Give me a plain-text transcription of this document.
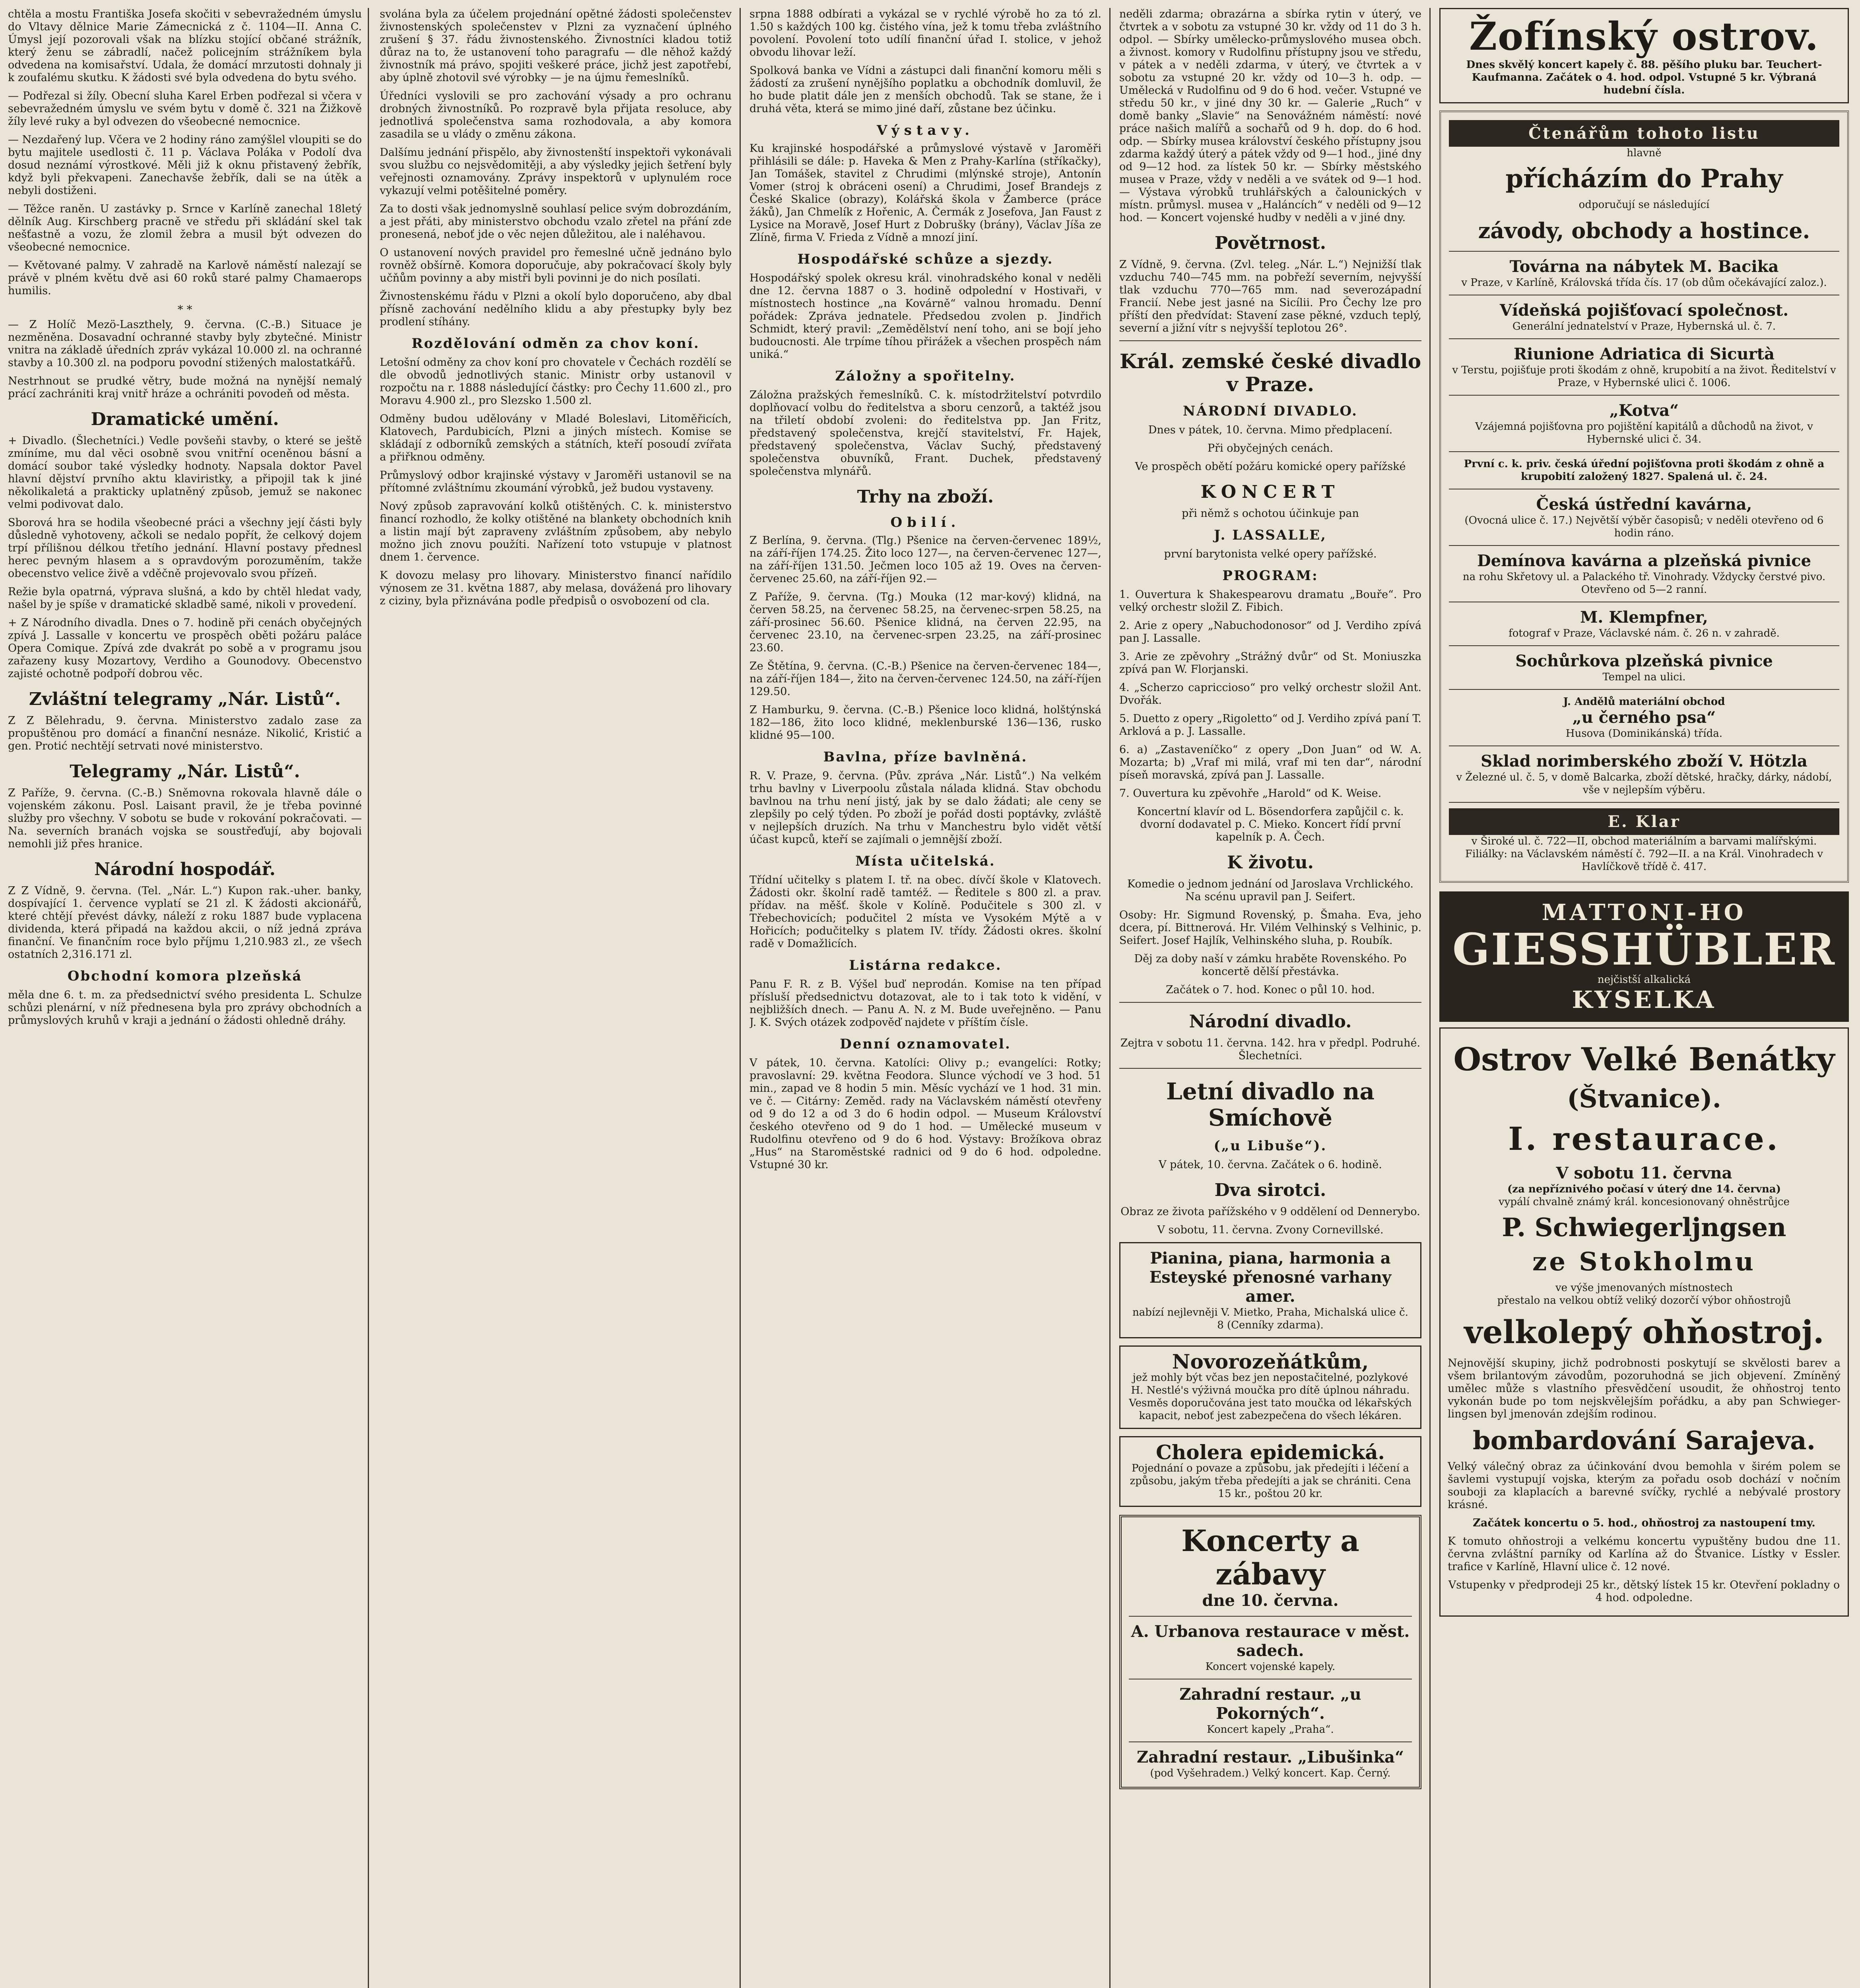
chtěla a mostu Františka Josefa skočiti v sebevražedném úmyslu do Vltavy dělnice Marie Zámecnická z č. 1104—II. Anna C. Úmysl její pozorovali však na blízku stojící občané strážník, který ženu se zábradlí, načež policejním strážníkem byla odvedena na komisařství. Udala, že domácí mrzutosti dohnaly ji k zoufalému skutku. K žádosti své byla odvedena do bytu svého.

— Podřezal si žíly. Obecní sluha Karel Erben podřezal si včera v sebevražedném úmyslu ve svém bytu v domě č. 321 na Žižkově žíly levé ruky a byl odvezen do všeobecné nemocnice.

— Nezdařený lup. Včera ve 2 hodiny ráno zamýšlel vloupiti se do bytu majitele usedlosti č. 11 p. Václava Poláka v Podolí dva dosud neznámí výrostkové. Měli již k oknu přistavený žebřík, když byli překvapeni. Zanechavše žebřík, dali se na útěk a nebyli dostiženi.

— Těžce raněn. U zastávky p. Srnce v Karlíně zanechal 18letý dělník Aug. Kirschberg pracně ve středu při skládání skel tak nešťastně a vozu, že zlomil žebra a musil být odvezen do všeobecné nemocnice.

— Květované palmy. V zahradě na Karlově náměstí nalezají se právě v plném květu dvě asi 60 roků staré palmy Chamaerops humilis.

* *

— Z Holíč Mezö-Laszthely, 9. června. (C.-B.) Situace je nezměněna. Dosavadní ochranné stavby byly zbytečné. Ministr vnitra na základě úředních zpráv vykázal 10.000 zl. na ochranné stavby a 10.300 zl. na podporu povodní stižených malostatkářů.

Nestrhnout se prudké větry, bude možná na nynější nemalý prácí zachrániti kraj vnitř hráze a ochrániti povodeň od města.

Dramatické umění.

+ Divadlo. (Šlechetníci.) Vedle povšeňi stavby, o které se ještě zmíníme, mu dal věci osobně svou vnitřní oceněnou básní a domácí soubor také výsledky hodnoty. Napsala doktor Pavel hlavní dějství prvního aktu klaviristky, a připojil tak k jiné několikaletá a prakticky uplatněný způsob, jemuž se nakonec velmi podivovat dalo.

Sborová hra se hodila všeobecné práci a všechny její části byly důsledně vyhotoveny, ačkoli se nedalo popřít, že celkový dojem trpí přílišnou délkou třetího jednání. Hlavní postavy přednesl herec pevným hlasem a s opravdovým porozuměním, takže obecenstvo velice živě a vděčně projevovalo svou přízeň.

Režie byla opatrná, výprava slušná, a kdo by chtěl hledat vady, našel by je spíše v dramatické skladbě samé, nikoli v provedení.

+ Z Národního divadla. Dnes o 7. hodině při cenách obyčejných zpívá J. Lassalle v koncertu ve prospěch oběti požáru paláce Opera Comique. Zpívá zde dvakrát po sobě a v programu jsou zařazeny kusy Mozartovy, Verdiho a Gounodovy. Obecenstvo zajisté ochotně podpoří dobrou věc.

Zvláštní telegramy „Nár. Listů“.

Z Z Bělehradu, 9. června. Ministerstvo zadalo zase za propuštěnou pro domácí a finanční nesnáze. Nikolić, Kristić a gen. Protić nechtějí setrvati nové ministerstvo.

Telegramy „Nár. Listů“.

Z Paříže, 9. června. (C.-B.) Sněmovna rokovala hlavně dále o vojenském zákonu. Posl. Laisant pravil, že je třeba povinné služby pro všechny. V sobotu se bude v rokování pokračovati. — Na. severních branách vojska se soustřeďují, aby bojovali nemohli již přes hranice.

Národní hospodář.

Z Z Vídně, 9. června. (Tel. „Nár. L.“) Kupon rak.-uher. banky, dospívající 1. července vyplatí se 21 zl. K žádosti akcionářů, které chtějí převést dávky, náleží z roku 1887 bude vyplacena dividenda, která připadá na každou akcii, o níž jedná zpráva finanční. Ve finančním roce bylo příjmu 1,210.983 zl., ze všech ostatních 2,316.171 zl.

Obchodní komora plzeňská

měla dne 6. t. m. za předsednictví svého presidenta L. Schulze schůzi plenární, v níž přednesena byla pro zprávy obchodních a průmyslových kruhů v kraji a jednání o žádosti ohledně dráhy.

svolána byla za účelem projednání opětné žádosti společenstev živnostenských společenstev v Plzni za vyznačení úplného zrušení § 37. řádu živnostenského. Živnostníci kladou totiž důraz na to, že ustanovení toho paragrafu — dle něhož každý živnostník má právo, spojiti veškeré práce, jichž jest zapotřebí, aby úplně zhotovil své výrobky — je na újmu řemeslníků.

Úředníci vyslovili se pro zachování výsady a pro ochranu drobných živnostníků. Po rozpravě byla přijata resoluce, aby jednotlivá společenstva sama rozhodovala, a aby komora zasadila se u vlády o změnu zákona.

Dalšímu jednání přispělo, aby živnostenští inspektoři vykonávali svou službu co nejsvědomitěji, a aby výsledky jejich šetření byly veřejnosti oznamovány. Zprávy inspektorů v uplynulém roce vykazují velmi potěšitelné poměry.

Za to dosti však jednomyslně souhlasí pelice svým dobrozdáním, a jest přáti, aby ministerstvo obchodu vzalo zřetel na přání zde pronesená, neboť jde o věc nejen důležitou, ale i naléhavou.

O ustanovení nových pravidel pro řemeslné učně jednáno bylo rovněž obšírně. Komora doporučuje, aby pokračovací školy byly učňům povinny a aby mistři byli povinni je do nich posílati.

Živnostenskému řádu v Plzni a okolí bylo doporučeno, aby dbal přísně zachování nedělního klidu a aby přestupky byly bez prodlení stíhány.

Rozdělování odměn za chov koní.

Letošní odměny za chov koní pro chovatele v Čechách rozdělí se dle obvodů jednotlivých stanic. Ministr orby ustanovil v rozpočtu na r. 1888 následující částky: pro Čechy 11.600 zl., pro Moravu 4.900 zl., pro Slezsko 1.500 zl.

Odměny budou udělovány v Mladé Boleslavi, Litoměřicích, Klatovech, Pardubicích, Plzni a jiných místech. Komise se skládají z odborníků zemských a státních, kteří posoudí zvířata a přiřknou odměny.

Průmyslový odbor krajinské výstavy v Jaroměři ustanovil se na přítomné zvláštnímu zkoumání výrobků, jež budou vystaveny.

Nový způsob zapravování kolků otištěných. C. k. ministerstvo financí rozhodlo, že kolky otištěné na blankety obchodních knih a listin mají být zapraveny zvláštním způsobem, aby nebylo možno jich znovu použíti. Nařízení toto vstupuje v platnost dnem 1. července.

K dovozu melasy pro lihovary. Ministerstvo financí nařídilo výnosem ze 31. května 1887, aby melasa, dovážená pro lihovary z ciziny, byla přiznávána podle předpisů o osvobození od cla.

srpna 1888 odbírati a vykázal se v rychlé výrobě ho za tó zl. 1.50 s každých 100 kg. čistého vína, jež k tomu třeba zvláštního povolení. Povolení toto udílí finanční úřad I. stolice, v jehož obvodu lihovar leží.

Spolková banka ve Vídni a zástupci dali finanční komoru měli s žádostí za zrušení nynějšího poplatku a obchodník domluvil, že ho bude platit dále jen z menších obchodů. Tak se stane, že i druhá věta, která se mimo jiné daří, zůstane bez účinku.

Výstavy.

Ku krajinské hospodářské a průmyslové výstavě v Jaroměři přihlásili se dále: p. Haveka & Men z Prahy-Karlína (stříkačky), Jan Tomášek, stavitel z Chrudimi (mlýnské stroje), Antonín Vomer (stroj k obráceni osení) a Chrudimi, Josef Brandejs z České Skalice (obrazy), Kolářská škola v Žamberce (práce žáků), Jan Chmelík z Hořenic, A. Čermák z Josefova, Jan Faust z Lysice na Moravě, Josef Hurt z Dobrušky (brány), Václav Jíša ze Zlíně, firma V. Frieda z Vídně a mnozí jiní.

Hospodářské schůze a sjezdy.

Hospodářský spolek okresu král. vinohradského konal v neděli dne 12. června 1887 o 3. hodině odpolední v Hostivaři, v místnostech hostince „na Kovárně“ valnou hromadu. Denní pořádek: Zpráva jednatele. Předsedou zvolen p. Jindřich Schmidt, který pravil: „Zemědělství není toho, ani se bojí jeho budoucnosti. Ale trpíme tíhou přirážek a všechen prospěch nám uniká.“

Záložny a spořitelny.

Záložna pražských řemeslníků. C. k. místodržitelství potvrdilo doplňovací volbu do ředitelstva a sboru cenzorů, a taktéž jsou na třiletí období zvoleni: do ředitelstva pp. Jan Fritz, představený společenstva, krejčí stavitelství, Fr. Hajek, představený společenstva, Václav Suchý, představený společenstva obuvníků, Frant. Duchek, představený společenstva mlynářů.

Trhy na zboží.
Obilí.

Z Berlína, 9. června. (Tlg.) Pšenice na červen-červenec 189½, na září-říjen 174.25. Žito loco 127—, na červen-červenec 127—, na září-říjen 131.50. Ječmen loco 105 až 19. Oves na červen-červenec 25.60, na září-říjen 92.—

Z Paříže, 9. června. (Tg.) Mouka (12 mar-kový) klidná, na červen 58.25, na červenec 58.25, na červenec-srpen 58.25, na září-prosinec 56.60. Pšenice klidná, na červen 22.95, na červenec 23.10, na červenec-srpen 23.25, na září-prosinec 23.60.

Ze Štětína, 9. června. (C.-B.) Pšenice na červen-červenec 184—, na září-říjen 184—, žito na červen-červenec 124.50, na září-říjen 129.50.

Z Hamburku, 9. června. (C.-B.) Pšenice loco klidná, holštýnská 182—186, žito loco klidné, meklenburské 136—136, rusko klidné 95—100.

Bavlna, příze bavlněná.

R. V. Praze, 9. června. (Pův. zpráva „Nár. Listů“.) Na velkém trhu bavlny v Liverpoolu zůstala nálada klidná. Stav obchodu bavlnou na trhu není jistý, jak by se dalo žádati; ale ceny se zlepšily po celý týden. Po zboží je pořád dosti poptávky, zvláště v nejlepších druzích. Na trhu v Manchestru bylo vidět větší účast kupců, kteří se zajímali o jemnější zboží.

Místa učitelská.

Třídní učitelky s platem I. tř. na obec. dívčí škole v Klatovech. Žádosti okr. školní radě tamtéž. — Ředitele s 800 zl. a prav. přídav. na měšť. škole v Kolíně. Podučitele s 300 zl. v Třebechovicích; podučitel 2 místa ve Vysokém Mýtě a v Hořicích; podučitelky s platem IV. třídy. Žádosti okres. školní radě v Domažlicích.

Listárna redakce.

Panu F. R. z B. Výšel buď neprodán. Komise na ten případ přísluší předsednictvu dotazovat, ale to i tak toto k vidění, v nejbližších dnech. — Panu A. N. z M. Bude uveřejněno. — Panu J. K. Svých otázek zodpověď najdete v příštím čísle.

Denní oznamovatel.

V pátek, 10. června. Katolíci: Olivy p.; evangelíci: Rotky; pravoslavní: 29. května Feodora. Slunce východí ve 3 hod. 51 min., zapad ve 8 hodin 5 min. Měsíc vychází ve 1 hod. 31 min. ve č. — Citárny: Zeměd. rady na Václavském náměstí otevřeny od 9 do 12 a od 3 do 6 hodin odpol. — Museum Království českého otevřeno od 9 do 1 hod. — Umělecké museum v Rudolfinu otevřeno od 9 do 6 hod. Výstavy: Brožíkova obraz „Hus“ na Staroměstské radnici od 9 do 6 hod. odpoledne. Vstupné 30 kr.

neděli zdarma; obrazárna a sbírka rytin v úterý, ve čtvrtek a v sobotu za vstupné 30 kr. vždy od 11 do 3 h. odpol. — Sbírky umělecko-průmyslového musea obch. a živnost. komory v Rudolfinu přístupny jsou ve středu, v pátek a v neděli zdarma, v úterý, ve čtvrtek a v sobotu za vstupné 20 kr. vždy od 10—3 h. odp. — Umělecká v Rudolfinu od 9 do 6 hod. večer. Vstupné ve středu 50 kr., v jiné dny 30 kr. — Galerie „Ruch“ v domě banky „Slavie“ na Senovážném náměstí: nové práce našich malířů a sochařů od 9 h. dop. do 6 hod. odp. — Sbírky musea království českého přístupny jsou zdarma každý úterý a pátek vždy od 9—1 hod., jiné dny od 9—12 hod. za lístek 50 kr. — Sbírky městského musea v Praze, vždy v neděli a ve svátek od 9—1 hod. — Výstava výrobků truhlářských a čalounických v místn. průmysl. musea v „Haláncích“ v neděli od 9—12 hod. — Koncert vojenské hudby v neděli a v jiné dny.

Povětrnost.

Z Vídně, 9. června. (Zvl. teleg. „Nár. L.“) Nejnižší tlak vzduchu 740—745 mm. na pobřeží severním, nejvyšší tlak vzduchu 770—765 mm. nad severozápadní Francií. Nebe jest jasné na Sicílii. Pro Čechy lze pro příští den předvídat: Stavení zase pěkné, vzduch teplý, severní a jižní vítr s nejvyšší teplotou 26°.

Král. zemské české divadlo v Praze.
NÁRODNÍ DIVADLO.

Dnes v pátek, 10. června. Mimo předplacení.

Při obyčejných cenách.

Ve prospěch obětí požáru komické opery pařížské

KONCERT

při němž s ochotou účinkuje pan

J. LASSALLE,

první barytonista velké opery pařížské.

PROGRAM:

1. Ouvertura k Shakespearovu dramatu „Bouře“. Pro velký orchestr složil Z. Fibich.

2. Arie z opery „Nabuchodonosor“ od J. Verdiho zpívá pan J. Lassalle.

3. Arie ze zpěvohry „Strážný dvůr“ od St. Moniuszka zpívá pan W. Florjanski.

4. „Scherzo capriccioso“ pro velký orchestr složil Ant. Dvořák.

5. Duetto z opery „Rigoletto“ od J. Verdiho zpívá paní T. Arklová a p. J. Lassalle.

6. a) „Zastaveníčko“ z opery „Don Juan“ od W. A. Mozarta; b) „Vraf mi milá, vraf mi ten dar“, národní píseň moravská, zpívá pan J. Lassalle.

7. Ouvertura ku zpěvohře „Harold“ od K. Weise.

Koncertní klavír od L. Bösendorfera zapůjčil c. k. dvorní dodavatel p. C. Mieko. Koncert řídí první kapelník p. A. Čech.

K životu.

Komedie o jednom jednání od Jaroslava Vrchlického. Na scénu upravil pan J. Seifert.

Osoby: Hr. Sigmund Rovenský, p. Šmaha. Eva, jeho dcera, pí. Bittnerová. Hr. Vilém Velhinský s Velhinic, p. Seifert. Josef Hajlík, Velhinského sluha, p. Roubík.

Děj za doby naší v zámku hraběte Rovenského. Po koncertě dělší přestávka.

Začátek o 7. hod. Konec o půl 10. hod.

Národní divadlo.

Zejtra v sobotu 11. června. 142. hra v předpl. Podruhé. Šlechetníci.

Letní divadlo na Smíchově
(„u Libuše“).

V pátek, 10. června. Začátek o 6. hodině.

Dva sirotci.

Obraz ze života pařížského v 9 oddělení od Dennerybo.

V sobotu, 11. června. Zvony Cornevillské.

Pianina, piana, harmonia a Esteyské přenosné varhany amer.
nabízí nejlevněji V. Mietko, Praha, Michalská ulice č. 8 (Cenníky zdarma).
Novorozeňátkům,
jež mohly být včas bez jen nepostačitelné, pozlykové H. Nestlé's výživná moučka pro dítě úplnou náhradu. Vesměs doporučována jest tato moučka od lékařských kapacit, neboť jest zabezpečena do všech lékáren.
Cholera epidemická.
Pojednání o povaze a způsobu, jak předejíti i léčení a způsobu, jakým třeba předejíti a jak se chrániti. Cena 15 kr., poštou 20 kr.
Koncerty a zábavy
dne 10. června.
A. Urbanova restaurace v měst. sadech.
Koncert vojenské kapely.
Zahradní restaur. „u Pokorných“.
Koncert kapely „Praha“.
Zahradní restaur. „Libušinka“
(pod Vyšehradem.) Velký koncert. Kap. Černý.
Žofínský ostrov.
Dnes skvělý koncert kapely č. 88. pěšího pluku bar. Teuchert-Kaufmanna. Začátek o 4. hod. odpol. Vstupné 5 kr. Výbraná hudební čísla.
Čtenářům tohoto listu
hlavně
přícházím do Prahy
odporučují se následující
závody, obchody a hostince.
Továrna na nábytek M. Bacika
v Praze, v Karlíně, Královská třída čís. 17 (ob dům očekávající zaloz.).
Vídeňská pojišťovací společnost.
Generální jednatelství v Praze, Hybernská ul. č. 7.
Riunione Adriatica di Sicurtà
v Terstu, pojišťuje proti škodám z ohně, krupobití a na život. Ředitelství v Praze, v Hybernské ulici č. 1006.
„Kotva“
Vzájemná pojišťovna pro pojištění kapitálů a důchodů na život, v Hybernské ulici č. 34.
První c. k. priv. česká úřední pojišťovna proti škodám z ohně a krupobití založený 1827. Spalená ul. č. 24.
Česká ústřední kavárna,
(Ovocná ulice č. 17.) Největší výběr časopisů; v neděli otevřeno od 6 hodin ráno.
Demínova kavárna a plzeňská pivnice
na rohu Skřetovy ul. a Palackého tř. Vinohrady. Vždycky čerstvé pivo. Otevřeno od 5—2 ranní.
M. Klempfner,
fotograf v Praze, Václavské nám. č. 26 n. v zahradě.
Sochůrkova plzeňská pivnice
Tempel na ulici.
J. Andělů materiální obchod
„u černého psa“
Husova (Dominikánská) třída.
Sklad norimberského zboží V. Hötzla
v Železné ul. č. 5, v domě Balcarka, zboží dětské, hračky, dárky, nádobí, vše v nejlepším výběru.
E. Klar
v Široké ul. č. 722—II, obchod materiálním a barvami malířskými. Filiálky: na Václavském náměstí č. 792—II. a na Král. Vinohradech v Havlíčkově třídě č. 417.
MATTONI-HO
GIESSHÜBLER
nejčistší alkalická
KYSELKA
Ostrov Velké Benátky
(Štvanice).
I. restaurace.
V sobotu 11. června
(za nepříznivého počasí v úterý dne 14. června)
vypálí chvalně známý král. koncesionovaný ohněstrůjce
P. Schwiegerljngsen
ze Stokholmu
ve výše jmenovaných místnostech
přestalo na velkou obtíž veliký dozorčí výbor ohňostrojů
velkolepý ohňostroj.

Nejnovější skupiny, jichž podrobnosti poskytují se skvělosti barev a všem brilantovým závodům, pozoruhodná se jich objevení. Zmíněný umělec může s vlastního přesvědčení usoudit, že ohňostroj tento vykonán bude po tom nejskvělejším pořádku, a aby pan Schwieger-lingsen byl jmenován zdejším rodinou.

bombardování Sarajeva.

Velký válečný obraz za účinkování dvou bemohla v širém polem se šavlemi vystupují vojska, kterým za pořadu osob dochází v nočním souboji za klaplacích a barevné svíčky, rychlé a nebývalé prostory krásné.

Začátek koncertu o 5. hod., ohňostroj za nastoupení tmy.

K tomuto ohňostroji a velkému koncertu vypuštěny budou dne 11. června zvláštní parníky od Karlína až do Štvanice. Lístky v Essler. trafice v Karlíně, Hlavní ulice č. 12 nové.

Vstupenky v předprodeji 25 kr., dětský lístek 15 kr. Otevření pokladny o 4 hod. odpoledne.
